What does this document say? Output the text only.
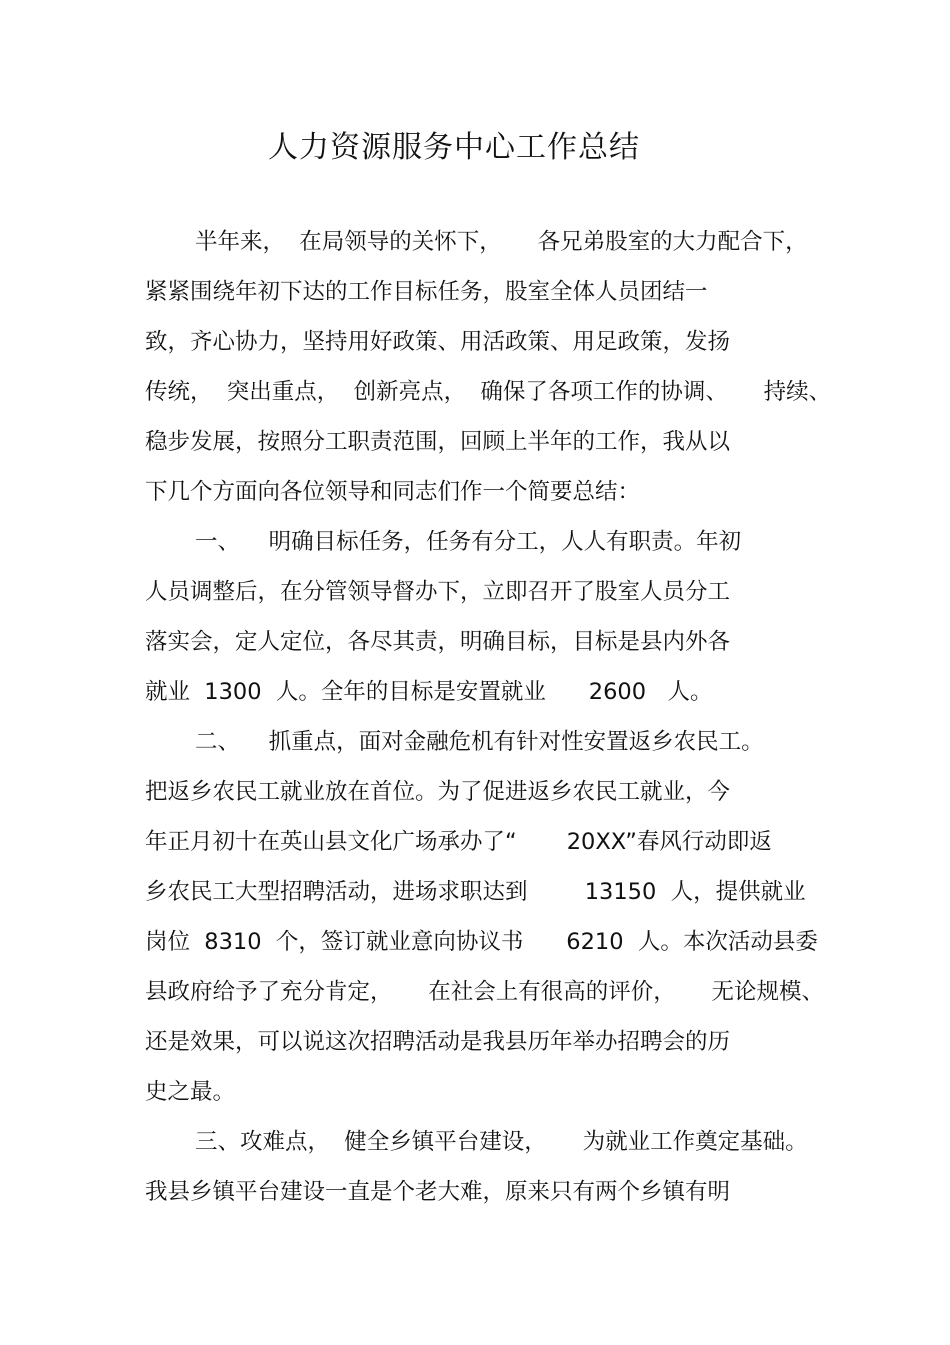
人力资源服务中心工作总结
半年来，  在局领导的关怀下，     各兄弟股室的大力配合下，
紧紧围绕年初下达的工作目标任务，股室全体人员团结一
致，齐心协力，坚持用好政策、用活政策、用足政策，发扬
传统，  突出重点，  创新亮点，  确保了各项工作的协调、     持续、
稳步发展，按照分工职责范围，回顾上半年的工作，我从以
下几个方面向各位领导和同志们作一个简要总结：
一、    明确目标任务，任务有分工，人人有职责。年初
人员调整后，在分管领导督办下，立即召开了股室人员分工
落实会，定人定位，各尽其责，明确目标，目标是县内外各
就业  1300  人。全年的目标是安置就业      2600   人。
二、    抓重点，面对金融危机有针对性安置返乡农民工。
把返乡农民工就业放在首位。为了促进返乡农民工就业，今
年正月初十在英山县文化广场承办了“       20XX”春风行动即返
乡农民工大型招聘活动，进场求职达到        13150  人，提供就业
岗位  8310  个，签订就业意向协议书      6210  人。本次活动县委
县政府给予了充分肯定，     在社会上有很高的评价，     无论规模、
还是效果，可以说这次招聘活动是我县历年举办招聘会的历
史之最。
三、攻难点，  健全乡镇平台建设，     为就业工作奠定基础。
我县乡镇平台建设一直是个老大难，原来只有两个乡镇有明
